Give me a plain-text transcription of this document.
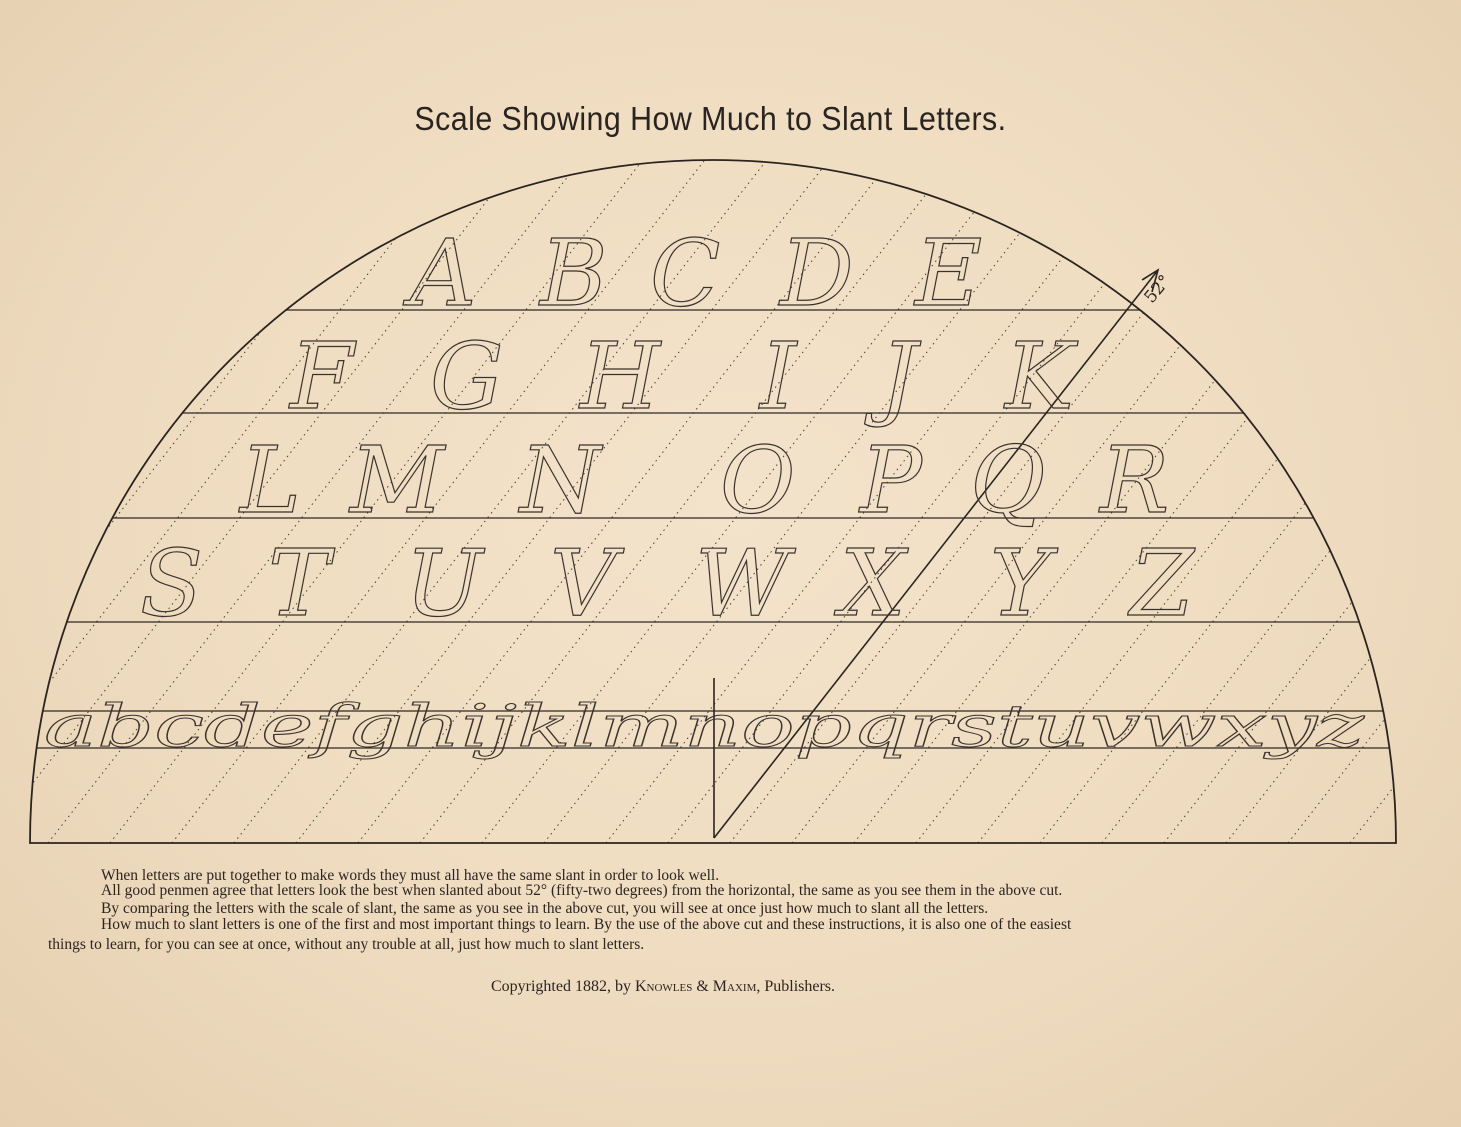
Scale Showing How Much to Slant Letters.
52°
A B C D E
F G H I J K
L M N O P Q R
S T U V W X Y Z
abcdefghijklmnopqrstuvwxyz
When letters are put together to make words they must all have the same slant in order to look well.
All good penmen agree that letters look the best when slanted about 52° (fifty-two degrees) from the horizontal, the same as you see them in the above cut.
By comparing the letters with the scale of slant, the same as you see in the above cut, you will see at once just how much to slant all the letters.
How much to slant letters is one of the first and most important things to learn. By the use of the above cut and these instructions, it is also one of the easiest
things to learn, for you can see at once, without any trouble at all, just how much to slant letters.
Copyrighted 1882, by Knowles & Maxim, Publishers.
